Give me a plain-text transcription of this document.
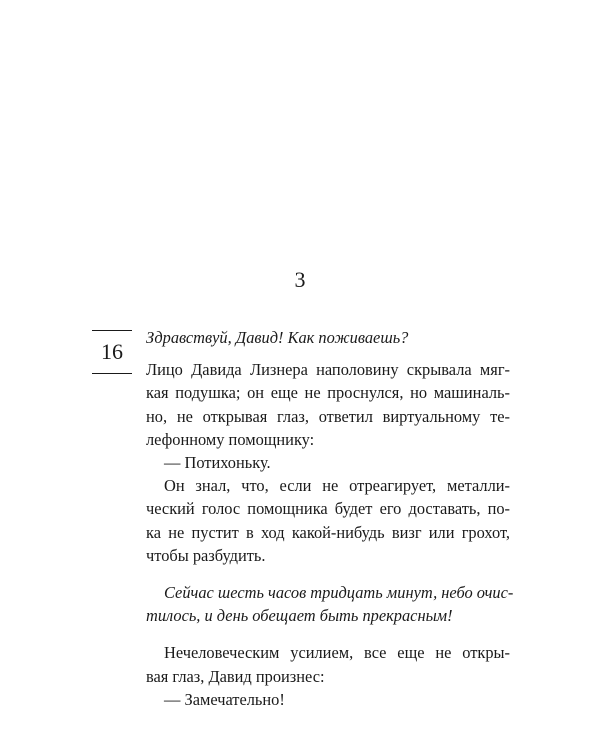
3
16
Здравствуй, Давид! Как поживаешь?
Лицо Давида Лизнера наполовину скрывала мяг-
кая подушка; он еще не проснулся, но машиналь-
но, не открывая глаз, ответил виртуальному те-
лефонному помощнику:
— Потихоньку.
Он знал, что, если не отреагирует, металли-
ческий голос помощника будет его доставать, по-
ка не пустит в ход какой-нибудь визг или грохот,
чтобы разбудить.
Сейчас шесть часов тридцать минут, небо очис-
тилось, и день обещает быть прекрасным!
Нечеловеческим усилием, все еще не откры-
вая глаз, Давид произнес:
— Замечательно!
